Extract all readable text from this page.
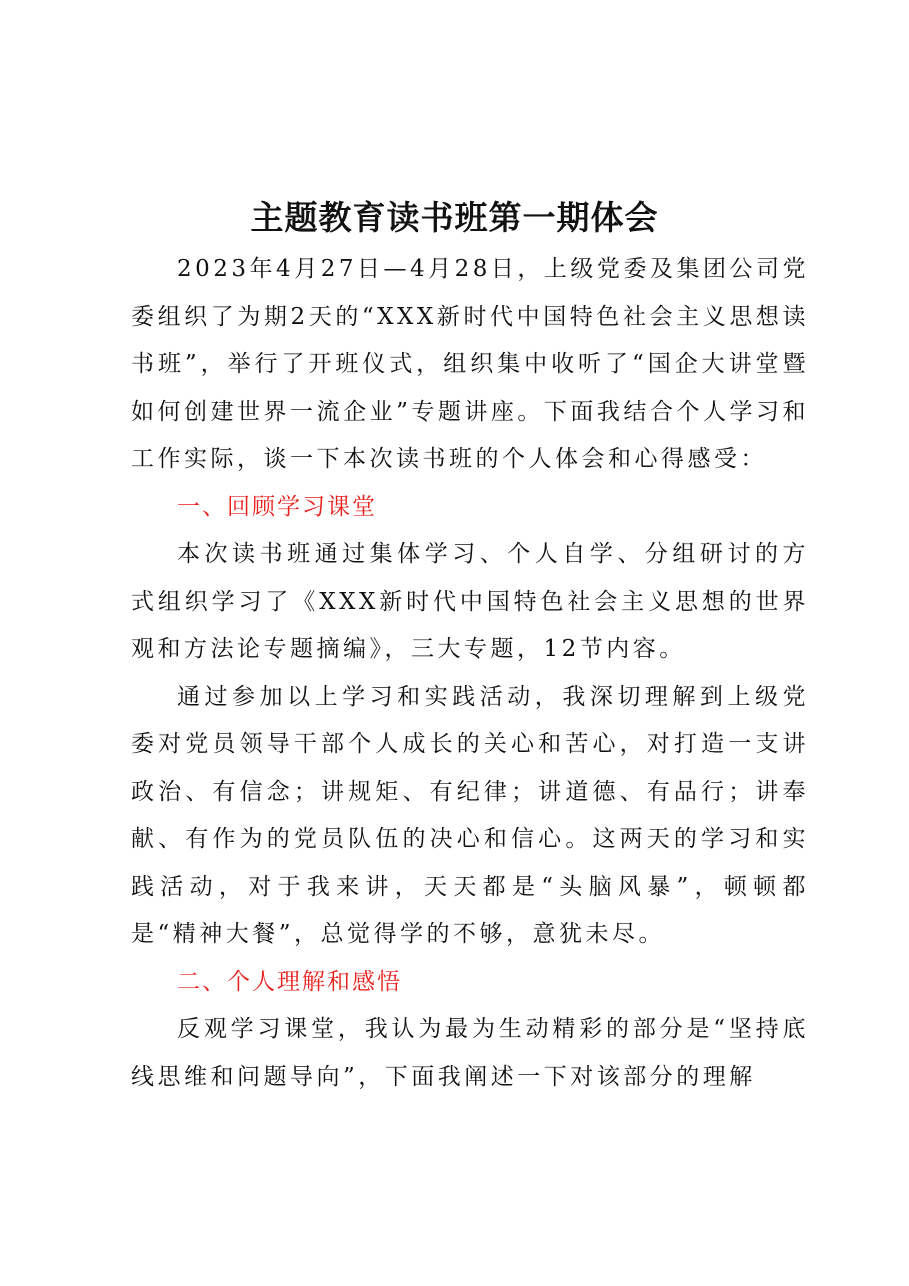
主题教育读书班第一期体会

2023年4月27日—4月28日，上级党委及集团公司党委组织了为期2天的“XXX新时代中国特色社会主义思想读书班”，举行了开班仪式，组织集中收听了“国企大讲堂暨如何创建世界一流企业”专题讲座。下面我结合个人学习和工作实际，谈一下本次读书班的个人体会和心得感受：

一、回顾学习课堂

本次读书班通过集体学习、个人自学、分组研讨的方式组织学习了《XXX新时代中国特色社会主义思想的世界观和方法论专题摘编》，三大专题，12节内容。

通过参加以上学习和实践活动，我深切理解到上级党委对党员领导干部个人成长的关心和苦心，对打造一支讲政治、有信念；讲规矩、有纪律；讲道德、有品行；讲奉献、有作为的党员队伍的决心和信心。这两天的学习和实践活动，对于我来讲，天天都是“头脑风暴”，顿顿都是“精神大餐”，总觉得学的不够，意犹未尽。

二、个人理解和感悟

反观学习课堂，我认为最为生动精彩的部分是“坚持底线思维和问题导向”，下面我阐述一下对该部分的理解
